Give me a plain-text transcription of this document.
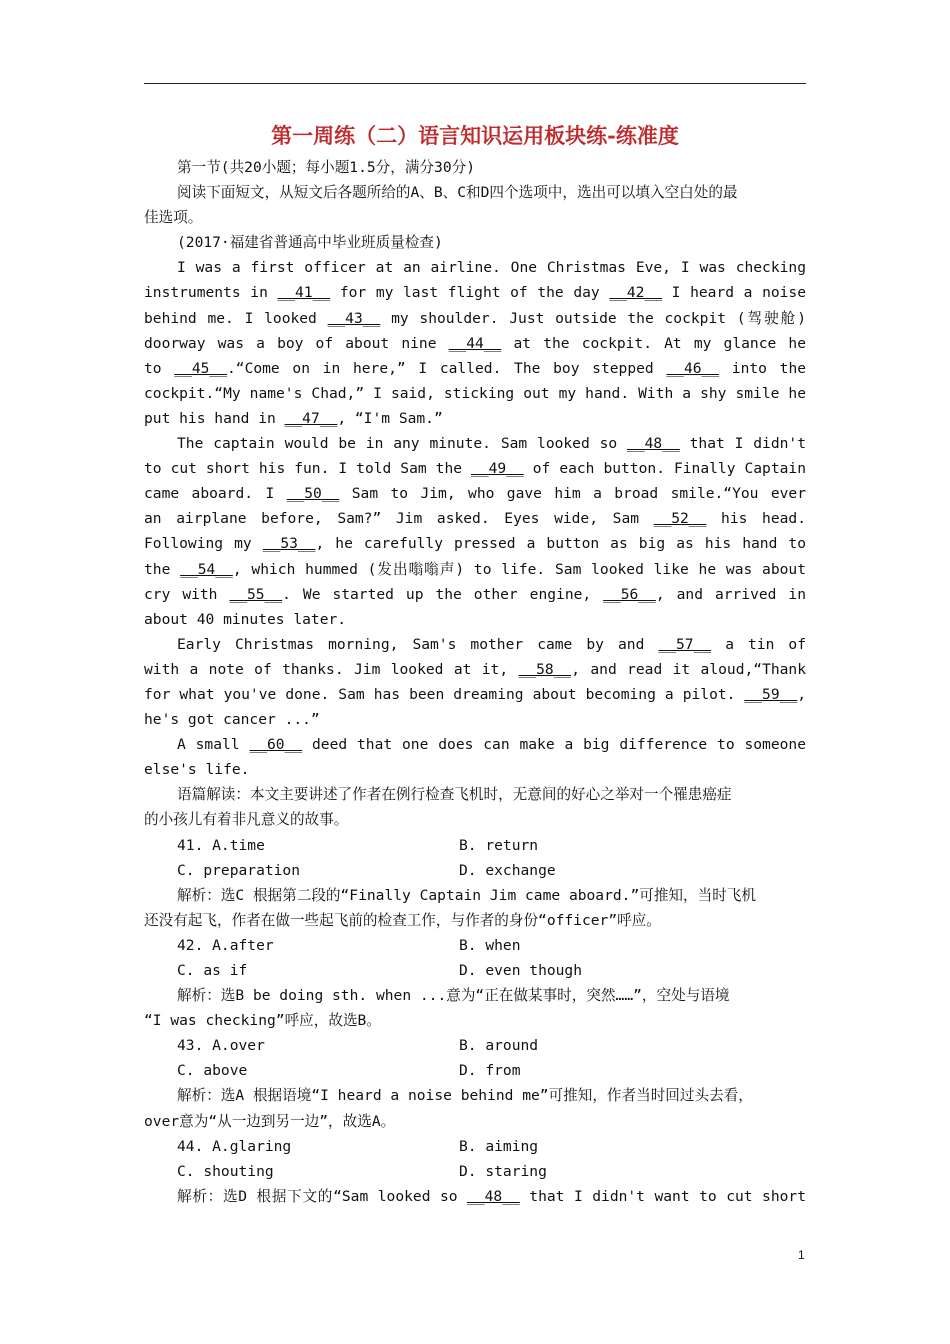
第一周练（二）语言知识运用板块练-练准度
第一节(共20小题；每小题1.5分，满分30分)
阅读下面短文，从短文后各题所给的A、B、C和D四个选项中，选出可以填入空白处的最
佳选项。
(2017·福建省普通高中毕业班质量检查)
I was a first officer at an airline. One Christmas Eve, I was checking
instruments in __41__ for my last flight of the day __42__ I heard a noise
behind me. I looked __43__ my shoulder. Just outside the cockpit (驾驶舱)
doorway was a boy of about nine __44__ at the cockpit. At my glance he
to __45__.“Come on in here,” I called. The boy stepped __46__ into the
cockpit.“My name's Chad,” I said, sticking out my hand. With a shy smile he
put his hand in __47__, “I'm Sam.”
The captain would be in any minute. Sam looked so __48__ that I didn't
to cut short his fun. I told Sam the __49__ of each button. Finally Captain
came aboard. I __50__ Sam to Jim, who gave him a broad smile.“You ever
an airplane before, Sam?” Jim asked. Eyes wide, Sam __52__ his head.
Following my __53__, he carefully pressed a button as big as his hand to
the __54__, which hummed (发出嗡嗡声) to life. Sam looked like he was about
cry with __55__. We started up the other engine, __56__, and arrived in
about 40 minutes later.
Early Christmas morning, Sam's mother came by and __57__ a tin of
with a note of thanks. Jim looked at it, __58__, and read it aloud,“Thank
for what you've done. Sam has been dreaming about becoming a pilot. __59__,
he's got cancer ...”
A small __60__ deed that one does can make a big difference to someone
else's life.
语篇解读：本文主要讲述了作者在例行检查飞机时，无意间的好心之举对一个罹患癌症
的小孩儿有着非凡意义的故事。
41. A.time	B. return
C. preparation	D. exchange
解析：选C 根据第二段的“Finally Captain Jim came aboard.”可推知，当时飞机
还没有起飞，作者在做一些起飞前的检查工作，与作者的身份“officer”呼应。
42. A.after	B. when
C. as if	D. even though
解析：选B be doing sth. when ...意为“正在做某事时，突然……”，空处与语境
“I was checking”呼应，故选B。
43. A.over	B. around
C. above	D. from
解析：选A 根据语境“I heard a noise behind me”可推知，作者当时回过头去看，
over意为“从一边到另一边”，故选A。
44. A.glaring	B. aiming
C. shouting	D. staring
解析：选D 根据下文的“Sam looked so __48__ that I didn't want to cut short
1
